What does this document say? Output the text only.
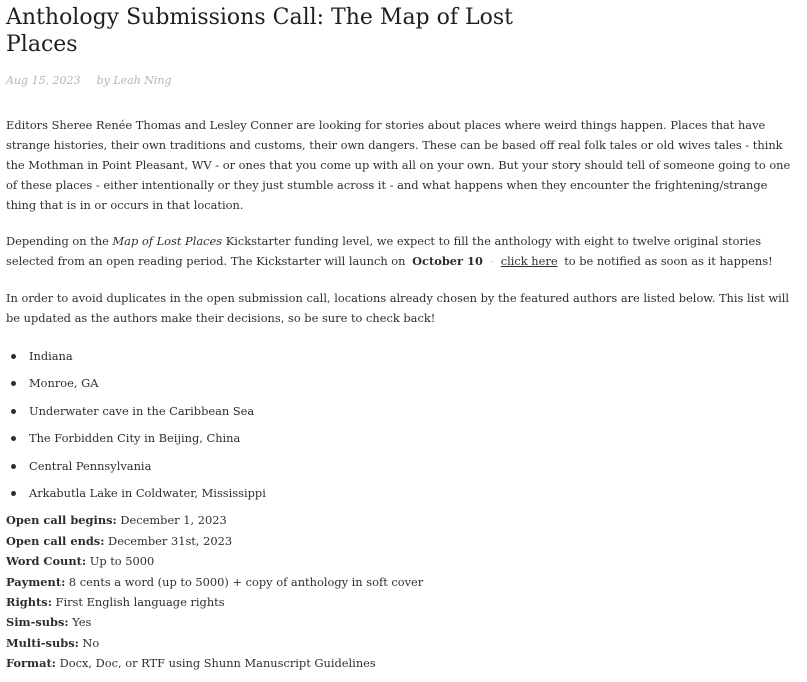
Anthology Submissions Call: The Map of Lost Places
Aug 15, 2023 by Leah Ning

Editors Sheree Renée Thomas and Lesley Conner are looking for stories about places where weird things happen. Places that have strange histories, their own traditions and customs, their own dangers. These can be based off real folk tales or old wives tales - think the Mothman in Point Pleasant, WV - or ones that you come up with all on your own. But your story should tell of someone going to one of these places - either intentionally or they just stumble across it - and what happens when they encounter the frightening/strange thing that is in or occurs in that location.

Depending on the Map of Lost Places Kickstarter funding level, we expect to fill the anthology with eight to twelve original stories selected from an open reading period. The Kickstarter will launch on October 10 - click here to be notified as soon as it happens!

In order to avoid duplicates in the open submission call, locations already chosen by the featured authors are listed below. This list will be updated as the authors make their decisions, so be sure to check back!

Indiana
Monroe, GA
Underwater cave in the Caribbean Sea
The Forbidden City in Beijing, China
Central Pennsylvania
Arkabutla Lake in Coldwater, Mississippi
Open call begins: December 1, 2023
Open call ends: December 31st, 2023
Word Count: Up to 5000
Payment: 8 cents a word (up to 5000) + copy of anthology in soft cover
Rights: First English language rights
Sim-subs: Yes
Multi-subs: No
Format: Docx, Doc, or RTF using Shunn Manuscript Guidelines
